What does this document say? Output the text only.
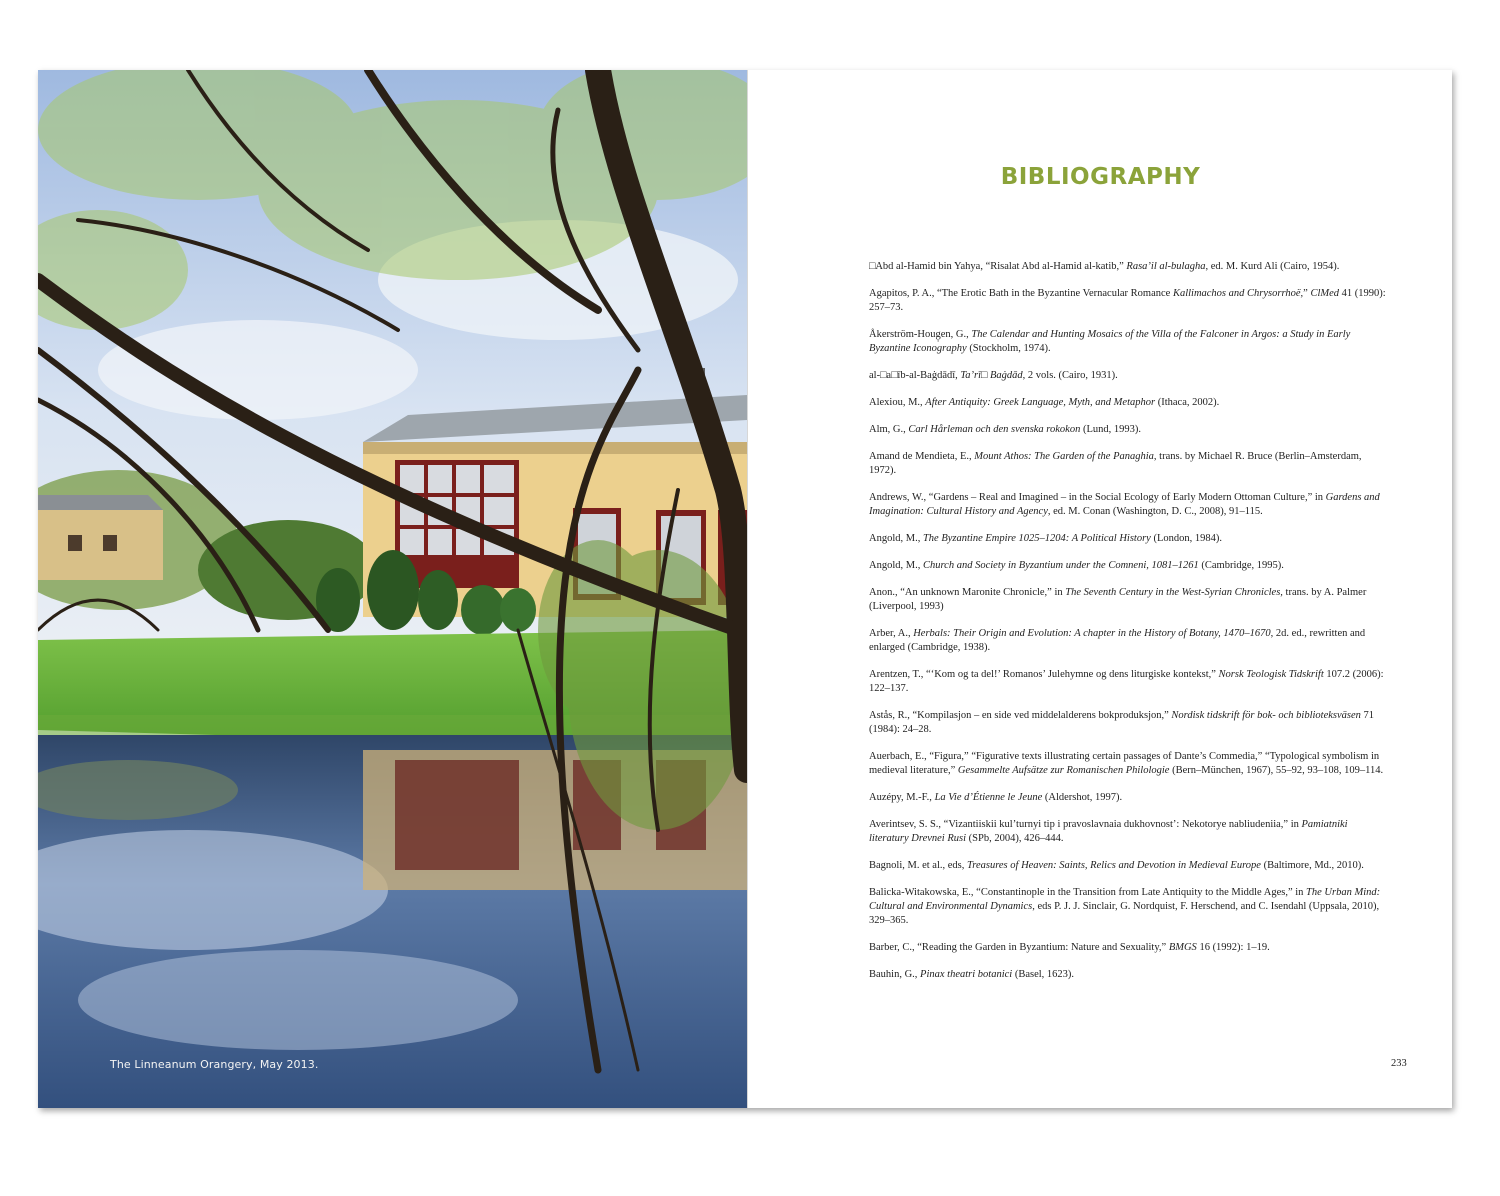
The Linneanum Orangery, May 2013.
BIBLIOGRAPHY

□Abd al-Hamid bin Yahya, “Risalat Abd al-Hamid al-katib,” Rasa’il al-bulagha, ed. M. Kurd Ali (Cairo, 1954).

Agapitos, P. A., “The Erotic Bath in the Byzantine Vernacular Romance Kallimachos and Chrysorrhoë,” ClMed 41 (1990): 257–73.

Åkerström-Houg̣en, G., The Calendar and Hunting Mosaics of the Villa of the Falconer in Argos: a Study in Early Byzantine Iconography (Stockholm, 1974).

al-□a□īb-al-Baġdādī, Ta’rī□ Baġdād, 2 vols. (Cairo, 1931).

Alexiou, M., After Antiquity: Greek Language, Myth, and Metaphor (Ithaca, 2002).

Alm, G., Carl Hårleman och den svenska rokokon (Lund, 1993).

Amand de Mendieta, E., Mount Athos: The Garden of the Panaghia, trans. by Michael R. Bruce (Berlin–Amsterdam, 1972).

Andrews, W., “Gardens – Real and Imagined – in the Social Ecology of Early Modern Ottoman Culture,” in Gardens and Imagination: Cultural History and Agency, ed. M. Conan (Washington, D. C., 2008), 91–115.

Angold, M., The Byzantine Empire 1025–1204: A Political History (London, 1984).

Angold, M., Church and Society in Byzantium under the Comneni, 1081–1261 (Cambridge, 1995).

Anon., “An unknown Maronite Chronicle,” in The Seventh Century in the West-Syrian Chronicles, trans. by A. Palmer (Liverpool, 1993)

Arber, A., Herbals: Their Origin and Evolution: A chapter in the History of Botany, 1470–1670, 2d. ed., rewritten and enlarged (Cambridge, 1938).

Arentzen, T., “‘Kom og ta del!’ Romanos’ Julehymne og dens liturgiske kontekst,” Norsk Teologisk Tidskrift 107.2 (2006): 122–137.

Astås, R., “Kompilasjon – en side ved middelalderens bokproduksjon,” Nordisk tidskrift för bok- och biblioteksväsen 71 (1984): 24–28.

Auerbach, E., “Figura,” “Figurative texts illustrating certain passages of Dante’s Commedia,” “Typological symbolism in medieval literature,” Gesammelte Aufsätze zur Romanischen Philologie (Bern–München, 1967), 55–92, 93–108, 109–114.

Auzépy, M.-F., La Vie d’Étienne le Jeune (Aldershot, 1997).

Averintsev, S. S., “Vizantiiskii kul’turnyi tip i pravoslavnaia dukhovnost’: Nekotorye nabliudeniia,” in Pamiatniki literatury Drevnei Rusi (SPb, 2004), 426–444.

Bagnoli, M. et al., eds, Treasures of Heaven: Saints, Relics and Devotion in Medieval Europe (Baltimore, Md., 2010).

Balicka-Witakowska, E., “Constantinople in the Transition from Late Antiquity to the Middle Ages,” in The Urban Mind: Cultural and Environmental Dynamics, eds P. J. J. Sinclair, G. Nordquist, F. Herschend, and C. Isendahl (Uppsala, 2010), 329–365.

Barber, C., “Reading the Garden in Byzantium: Nature and Sexuality,” BMGS 16 (1992): 1–19.

Bauhin, G., Pinax theatri botanici (Basel, 1623).

233
